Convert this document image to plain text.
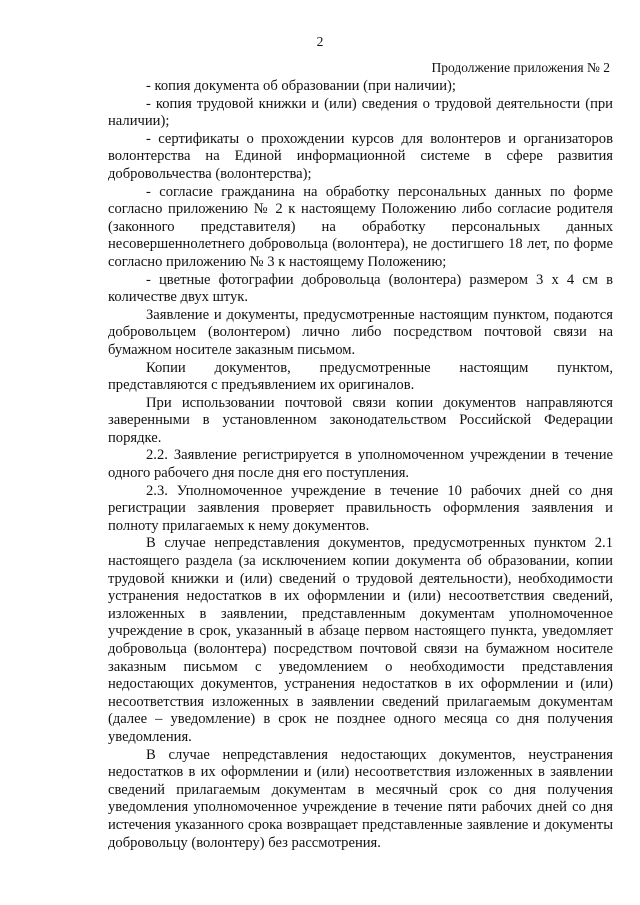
2
Продолжение приложения № 2

- копия документа об образовании (при наличии);

- копия трудовой книжки и (или) сведения о трудовой деятельности (при наличии);

- сертификаты о прохождении курсов для волонтеров и организаторов волонтерства на Единой информационной системе в сфере развития добровольчества (волонтерства);

- согласие гражданина на обработку персональных данных по форме согласно приложению № 2 к настоящему Положению либо согласие родителя (законного представителя) на обработку персональных данных несовершеннолетнего добровольца (волонтера), не достигшего 18 лет, по форме согласно приложению № 3 к настоящему Положению;

- цветные фотографии добровольца (волонтера) размером 3 х 4 см в количестве двух штук.

Заявление и документы, предусмотренные настоящим пунктом, подаются добровольцем (волонтером) лично либо посредством почтовой связи на бумажном носителе заказным письмом.

Копии документов, предусмотренные настоящим пунктом, представляются с предъявлением их оригиналов.

При использовании почтовой связи копии документов направляются заверенными в установленном законодательством Российской Федерации порядке.

2.2. Заявление регистрируется в уполномоченном учреждении в течение одного рабочего дня после дня его поступления.

2.3. Уполномоченное учреждение в течение 10 рабочих дней со дня регистрации заявления проверяет правильность оформления заявления и полноту прилагаемых к нему документов.

В случае непредставления документов, предусмотренных пунктом 2.1 настоящего раздела (за исключением копии документа об образовании, копии трудовой книжки и (или) сведений о трудовой деятельности), необходимости устранения недостатков в их оформлении и (или) несоответствия сведений, изложенных в заявлении, представленным документам уполномоченное учреждение в срок, указанный в абзаце первом настоящего пункта, уведомляет добровольца (волонтера) посредством почтовой связи на бумажном носителе заказным письмом с уведомлением о необходимости представления недостающих документов, устранения недостатков в их оформлении и (или) несоответствия изложенных в заявлении сведений прилагаемым документам (далее – уведомление) в срок не позднее одного месяца со дня получения уведомления.

В случае непредставления недостающих документов, неустранения недостатков в их оформлении и (или) несоответствия изложенных в заявлении сведений прилагаемым документам в месячный срок со дня получения уведомления уполномоченное учреждение в течение пяти рабочих дней со дня истечения указанного срока возвращает представленные заявление и документы добровольцу (волонтеру) без рассмотрения.
